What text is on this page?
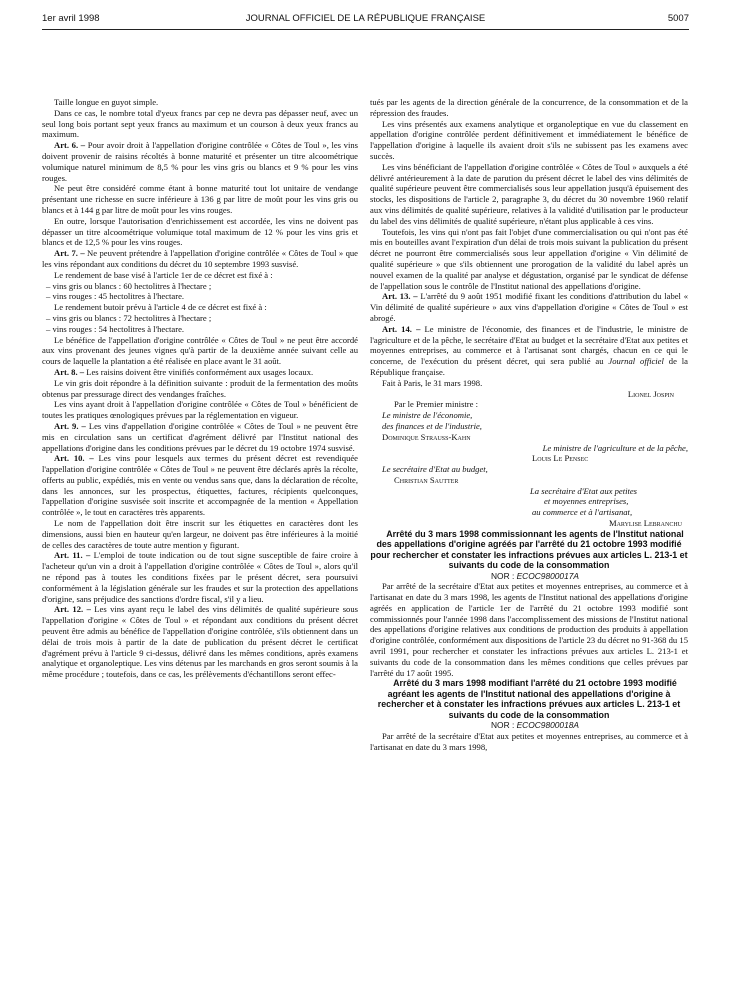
1er avril 1998	JOURNAL OFFICIEL DE LA RÉPUBLIQUE FRANÇAISE	5007

Taille longue en guyot simple.

Dans ce cas, le nombre total d'yeux francs par cep ne devra pas dépasser neuf, avec un seul long bois portant sept yeux francs au maximum et un courson à deux yeux francs au maximum.

Art. 6. – Pour avoir droit à l'appellation d'origine contrôlée « Côtes de Toul », les vins doivent provenir de raisins récoltés à bonne maturité et présenter un titre alcoométrique volumique naturel minimum de 8,5 % pour les vins gris ou blancs et 9 % pour les vins rouges.

Ne peut être considéré comme étant à bonne maturité tout lot unitaire de vendange présentant une richesse en sucre inférieure à 136 g par litre de moût pour les vins gris ou blancs et à 144 g par litre de moût pour les vins rouges.

En outre, lorsque l'autorisation d'enrichissement est accordée, les vins ne doivent pas dépasser un titre alcoométrique volumique total maximum de 12 % pour les vins gris et blancs et de 12,5 % pour les vins rouges.

Art. 7. – Ne peuvent prétendre à l'appellation d'origine contrôlée « Côtes de Toul » que les vins répondant aux conditions du décret du 10 septembre 1993 susvisé.

Le rendement de base visé à l'article 1er de ce décret est fixé à :

– vins gris ou blancs : 60 hectolitres à l'hectare ;

– vins rouges : 45 hectolitres à l'hectare.

Le rendement butoir prévu à l'article 4 de ce décret est fixé à :

– vins gris ou blancs : 72 hectolitres à l'hectare ;

– vins rouges : 54 hectolitres à l'hectare.

Le bénéfice de l'appellation d'origine contrôlée « Côtes de Toul » ne peut être accordé aux vins provenant des jeunes vignes qu'à partir de la deuxième année suivant celle au cours de laquelle la plantation a été réalisée en place avant le 31 août.

Art. 8. – Les raisins doivent être vinifiés conformément aux usages locaux.

Le vin gris doit répondre à la définition suivante : produit de la fermentation des moûts obtenus par pressurage direct des vendanges fraîches.

Les vins ayant droit à l'appellation d'origine contrôlée « Côtes de Toul » bénéficient de toutes les pratiques œnologiques prévues par la réglementation en vigueur.

Art. 9. – Les vins d'appellation d'origine contrôlée « Côtes de Toul » ne peuvent être mis en circulation sans un certificat d'agrément délivré par l'Institut national des appellations d'origine dans les conditions prévues par le décret du 19 octobre 1974 susvisé.

Art. 10. – Les vins pour lesquels aux termes du présent décret est revendiquée l'appellation d'origine contrôlée « Côtes de Toul » ne peuvent être déclarés après la récolte, offerts au public, expédiés, mis en vente ou vendus sans que, dans la déclaration de récolte, dans les annonces, sur les prospectus, étiquettes, factures, récipients quelconques, l'appellation d'origine susvisée soit inscrite et accompagnée de la mention « Appellation contrôlée », le tout en caractères très apparents.

Le nom de l'appellation doit être inscrit sur les étiquettes en caractères dont les dimensions, aussi bien en hauteur qu'en largeur, ne doivent pas être inférieures à la moitié de celles des caractères de toute autre mention y figurant.

Art. 11. – L'emploi de toute indication ou de tout signe susceptible de faire croire à l'acheteur qu'un vin a droit à l'appellation d'origine contrôlée « Côtes de Toul », alors qu'il ne répond pas à toutes les conditions fixées par le présent décret, sera poursuivi conformément à la législation générale sur les fraudes et sur la protection des appellations d'origine, sans préjudice des sanctions d'ordre fiscal, s'il y a lieu.

Art. 12. – Les vins ayant reçu le label des vins délimités de qualité supérieure sous l'appellation d'origine « Côtes de Toul » et répondant aux conditions du présent décret peuvent être admis au bénéfice de l'appellation d'origine contrôlée, s'ils obtiennent dans un délai de trois mois à partir de la date de publication du présent décret le certificat d'agrément prévu à l'article 9 ci-dessus, délivré dans les mêmes conditions, après examens analytique et organoleptique. Les vins détenus par les marchands en gros seront soumis à la même procédure ; toutefois, dans ce cas, les prélèvements d'échantillons seront effec-

tués par les agents de la direction générale de la concurrence, de la consommation et de la répression des fraudes.

Les vins présentés aux examens analytique et organoleptique en vue du classement en appellation d'origine contrôlée perdent définitivement et immédiatement le bénéfice de l'appellation d'origine à laquelle ils avaient droit s'ils ne subissent pas les examens avec succès.

Les vins bénéficiant de l'appellation d'origine contrôlée « Côtes de Toul » auxquels a été délivré antérieurement à la date de parution du présent décret le label des vins délimités de qualité supérieure peuvent être commercialisés sous leur appellation jusqu'à épuisement des stocks, les dispositions de l'article 2, paragraphe 3, du décret du 30 novembre 1960 relatif aux vins délimités de qualité supérieure, relatives à la validité d'utilisation par le producteur du label des vins délimités de qualité supérieure, n'étant plus applicable à ces vins.

Toutefois, les vins qui n'ont pas fait l'objet d'une commercialisation ou qui n'ont pas été mis en bouteilles avant l'expiration d'un délai de trois mois suivant la publication du présent décret ne pourront être commercialisés sous leur appellation d'origine « Vin délimité de qualité supérieure » que s'ils obtiennent une prorogation de la validité du label après un nouvel examen de la qualité par analyse et dégustation, organisé par le syndicat de défense de l'appellation sous le contrôle de l'Institut national des appellations d'origine.

Art. 13. – L'arrêté du 9 août 1951 modifié fixant les conditions d'attribution du label « Vin délimité de qualité supérieure » aux vins d'appellation d'origine « Côtes de Toul » est abrogé.

Art. 14. – Le ministre de l'économie, des finances et de l'industrie, le ministre de l'agriculture et de la pêche, le secrétaire d'Etat au budget et la secrétaire d'Etat aux petites et moyennes entreprises, au commerce et à l'artisanat sont chargés, chacun en ce qui le concerne, de l'exécution du présent décret, qui sera publié au Journal officiel de la République française.

Fait à Paris, le 31 mars 1998.

Lionel Jospin

Par le Premier ministre :

Le ministre de l'économie,

des finances et de l'industrie,

Dominique Strauss-Kahn

Le ministre de l'agriculture et de la pêche,

Louis Le Pensec

Le secrétaire d'Etat au budget,

Christian Sautter

La secrétaire d'Etat aux petites

et moyennes entreprises,

au commerce et à l'artisanat,

Marylise Lebranchu

Arrêté du 3 mars 1998 commissionnant les agents de l'Institut national des appellations d'origine agréés par l'arrêté du 21 octobre 1993 modifié pour rechercher et constater les infractions prévues aux articles L. 213-1 et suivants du code de la consommation

NOR : ECOC9800017A

Par arrêté de la secrétaire d'Etat aux petites et moyennes entreprises, au commerce et à l'artisanat en date du 3 mars 1998, les agents de l'Institut national des appellations d'origine agréés en application de l'article 1er de l'arrêté du 21 octobre 1993 modifié sont commissionnés pour l'année 1998 dans l'accomplissement des missions de l'Institut national des appellations d'origine relatives aux conditions de production des produits à appellation d'origine contrôlée, conformément aux dispositions de l'article 23 du décret no 91-368 du 15 avril 1991, pour rechercher et constater les infractions prévues aux articles L. 213-1 et suivants du code de la consommation dans les mêmes conditions que celles prévues par l'arrêté du 17 août 1995.

Arrêté du 3 mars 1998 modifiant l'arrêté du 21 octobre 1993 modifié agréant les agents de l'Institut national des appellations d'origine à rechercher et à constater les infractions prévues aux articles L. 213-1 et suivants du code de la consommation

NOR : ECOC9800018A

Par arrêté de la secrétaire d'Etat aux petites et moyennes entreprises, au commerce et à l'artisanat en date du 3 mars 1998,
